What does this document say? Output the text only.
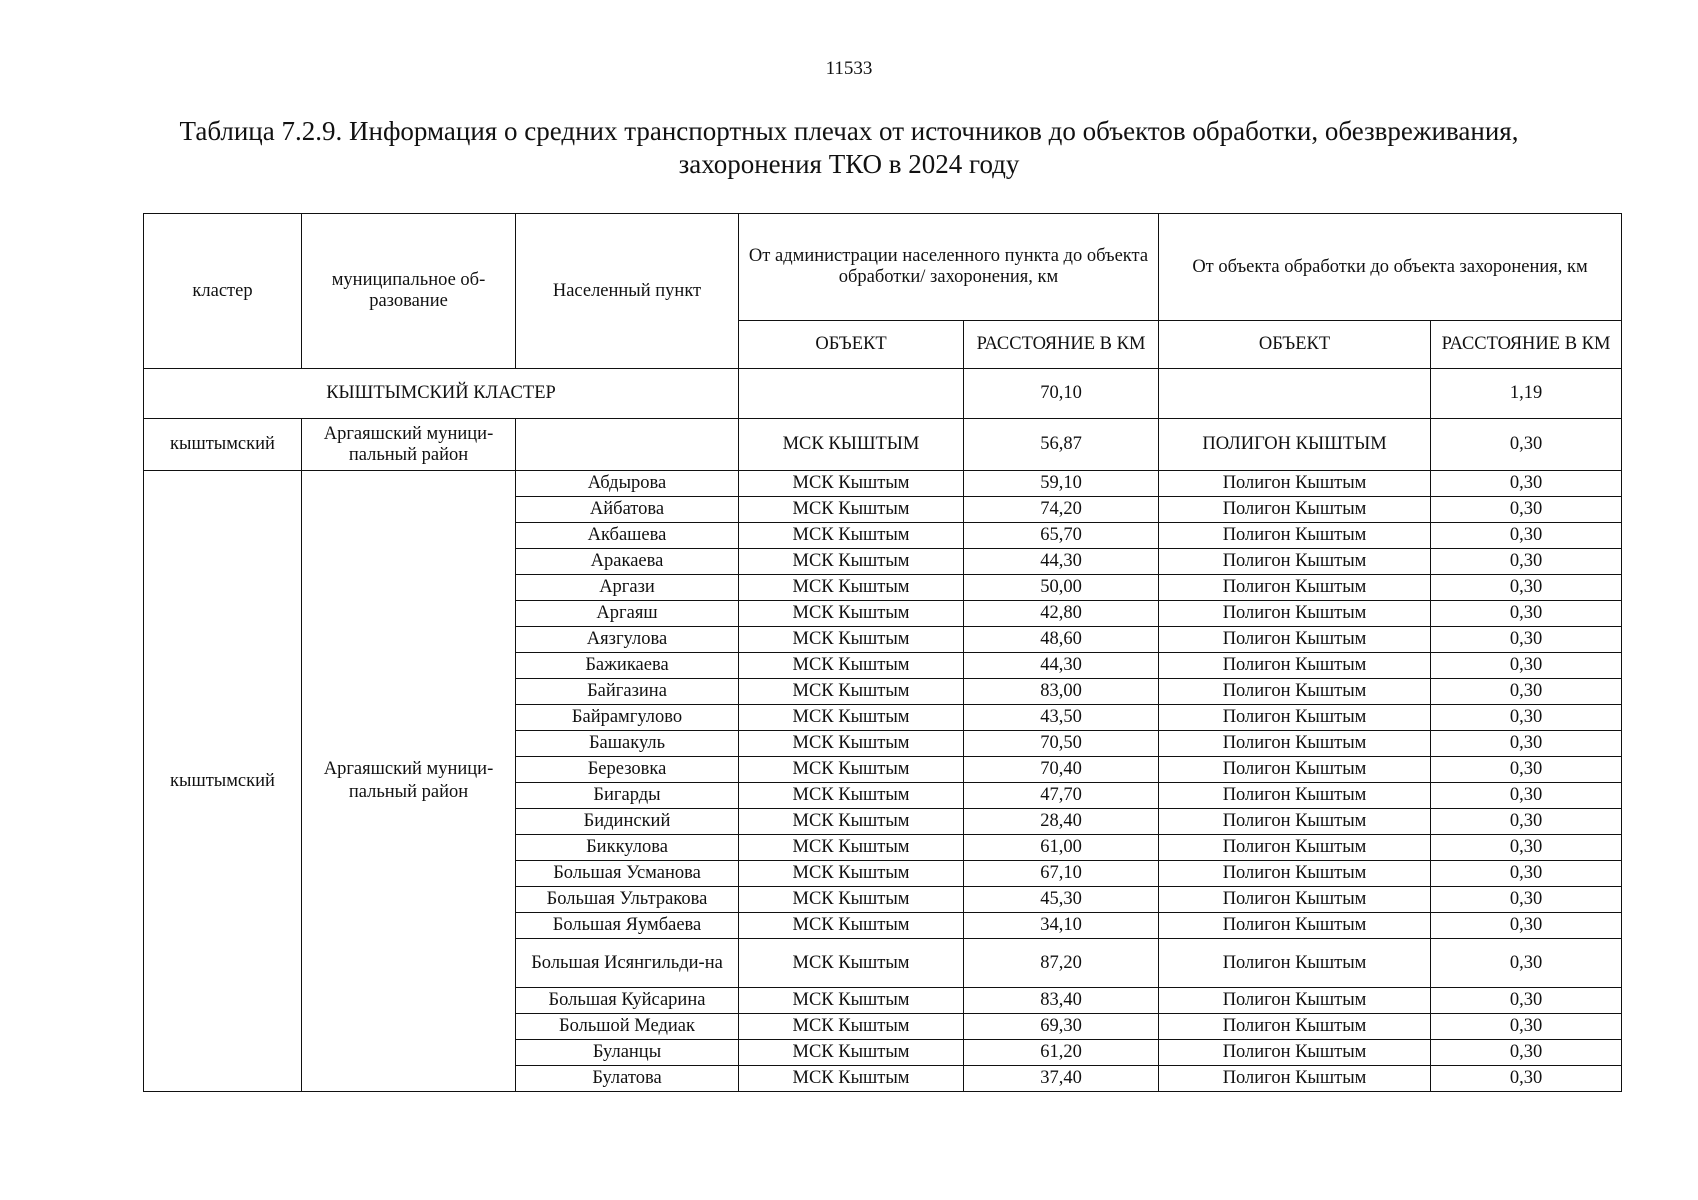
11533
Таблица 7.2.9. Информация о средних транспортных плечах от источников до объектов обработки, обезвреживания, захоронения ТКО в 2024 году
кластер	муниципальное об-разование	Населенный пункт	От администрации населенного пункта до объекта обработки/ захоронения, км		От объекта обработки до объекта захоронения, км	
			ОБЪЕКТ	РАССТОЯНИЕ В КМ	ОБЪЕКТ	РАССТОЯНИЕ В КМ
КЫШТЫМСКИЙ КЛАСТЕР				70,10		1,19
кыштымский	Аргаяшский муници-пальный район		МСК КЫШТЫМ	56,87	ПОЛИГОН КЫШТЫМ	0,30
кыштымский	Аргаяшский муници-пальный район	Абдырова	МСК Кыштым	59,10	Полигон Кыштым	0,30
		Айбатова	МСК Кыштым	74,20	Полигон Кыштым	0,30
		Акбашева	МСК Кыштым	65,70	Полигон Кыштым	0,30
		Аракаева	МСК Кыштым	44,30	Полигон Кыштым	0,30
		Аргази	МСК Кыштым	50,00	Полигон Кыштым	0,30
		Аргаяш	МСК Кыштым	42,80	Полигон Кыштым	0,30
		Аязгулова	МСК Кыштым	48,60	Полигон Кыштым	0,30
		Бажикаева	МСК Кыштым	44,30	Полигон Кыштым	0,30
		Байгазина	МСК Кыштым	83,00	Полигон Кыштым	0,30
		Байрамгулово	МСК Кыштым	43,50	Полигон Кыштым	0,30
		Башакуль	МСК Кыштым	70,50	Полигон Кыштым	0,30
		Березовка	МСК Кыштым	70,40	Полигон Кыштым	0,30
		Бигарды	МСК Кыштым	47,70	Полигон Кыштым	0,30
		Бидинский	МСК Кыштым	28,40	Полигон Кыштым	0,30
		Биккулова	МСК Кыштым	61,00	Полигон Кыштым	0,30
		Большая Усманова	МСК Кыштым	67,10	Полигон Кыштым	0,30
		Большая Ультракова	МСК Кыштым	45,30	Полигон Кыштым	0,30
		Большая Яумбаева	МСК Кыштым	34,10	Полигон Кыштым	0,30
		Большая Исянгильди-на	МСК Кыштым	87,20	Полигон Кыштым	0,30
		Большая Куйсарина	МСК Кыштым	83,40	Полигон Кыштым	0,30
		Большой Медиак	МСК Кыштым	69,30	Полигон Кыштым	0,30
		Буланцы	МСК Кыштым	61,20	Полигон Кыштым	0,30
		Булатова	МСК Кыштым	37,40	Полигон Кыштым	0,30
